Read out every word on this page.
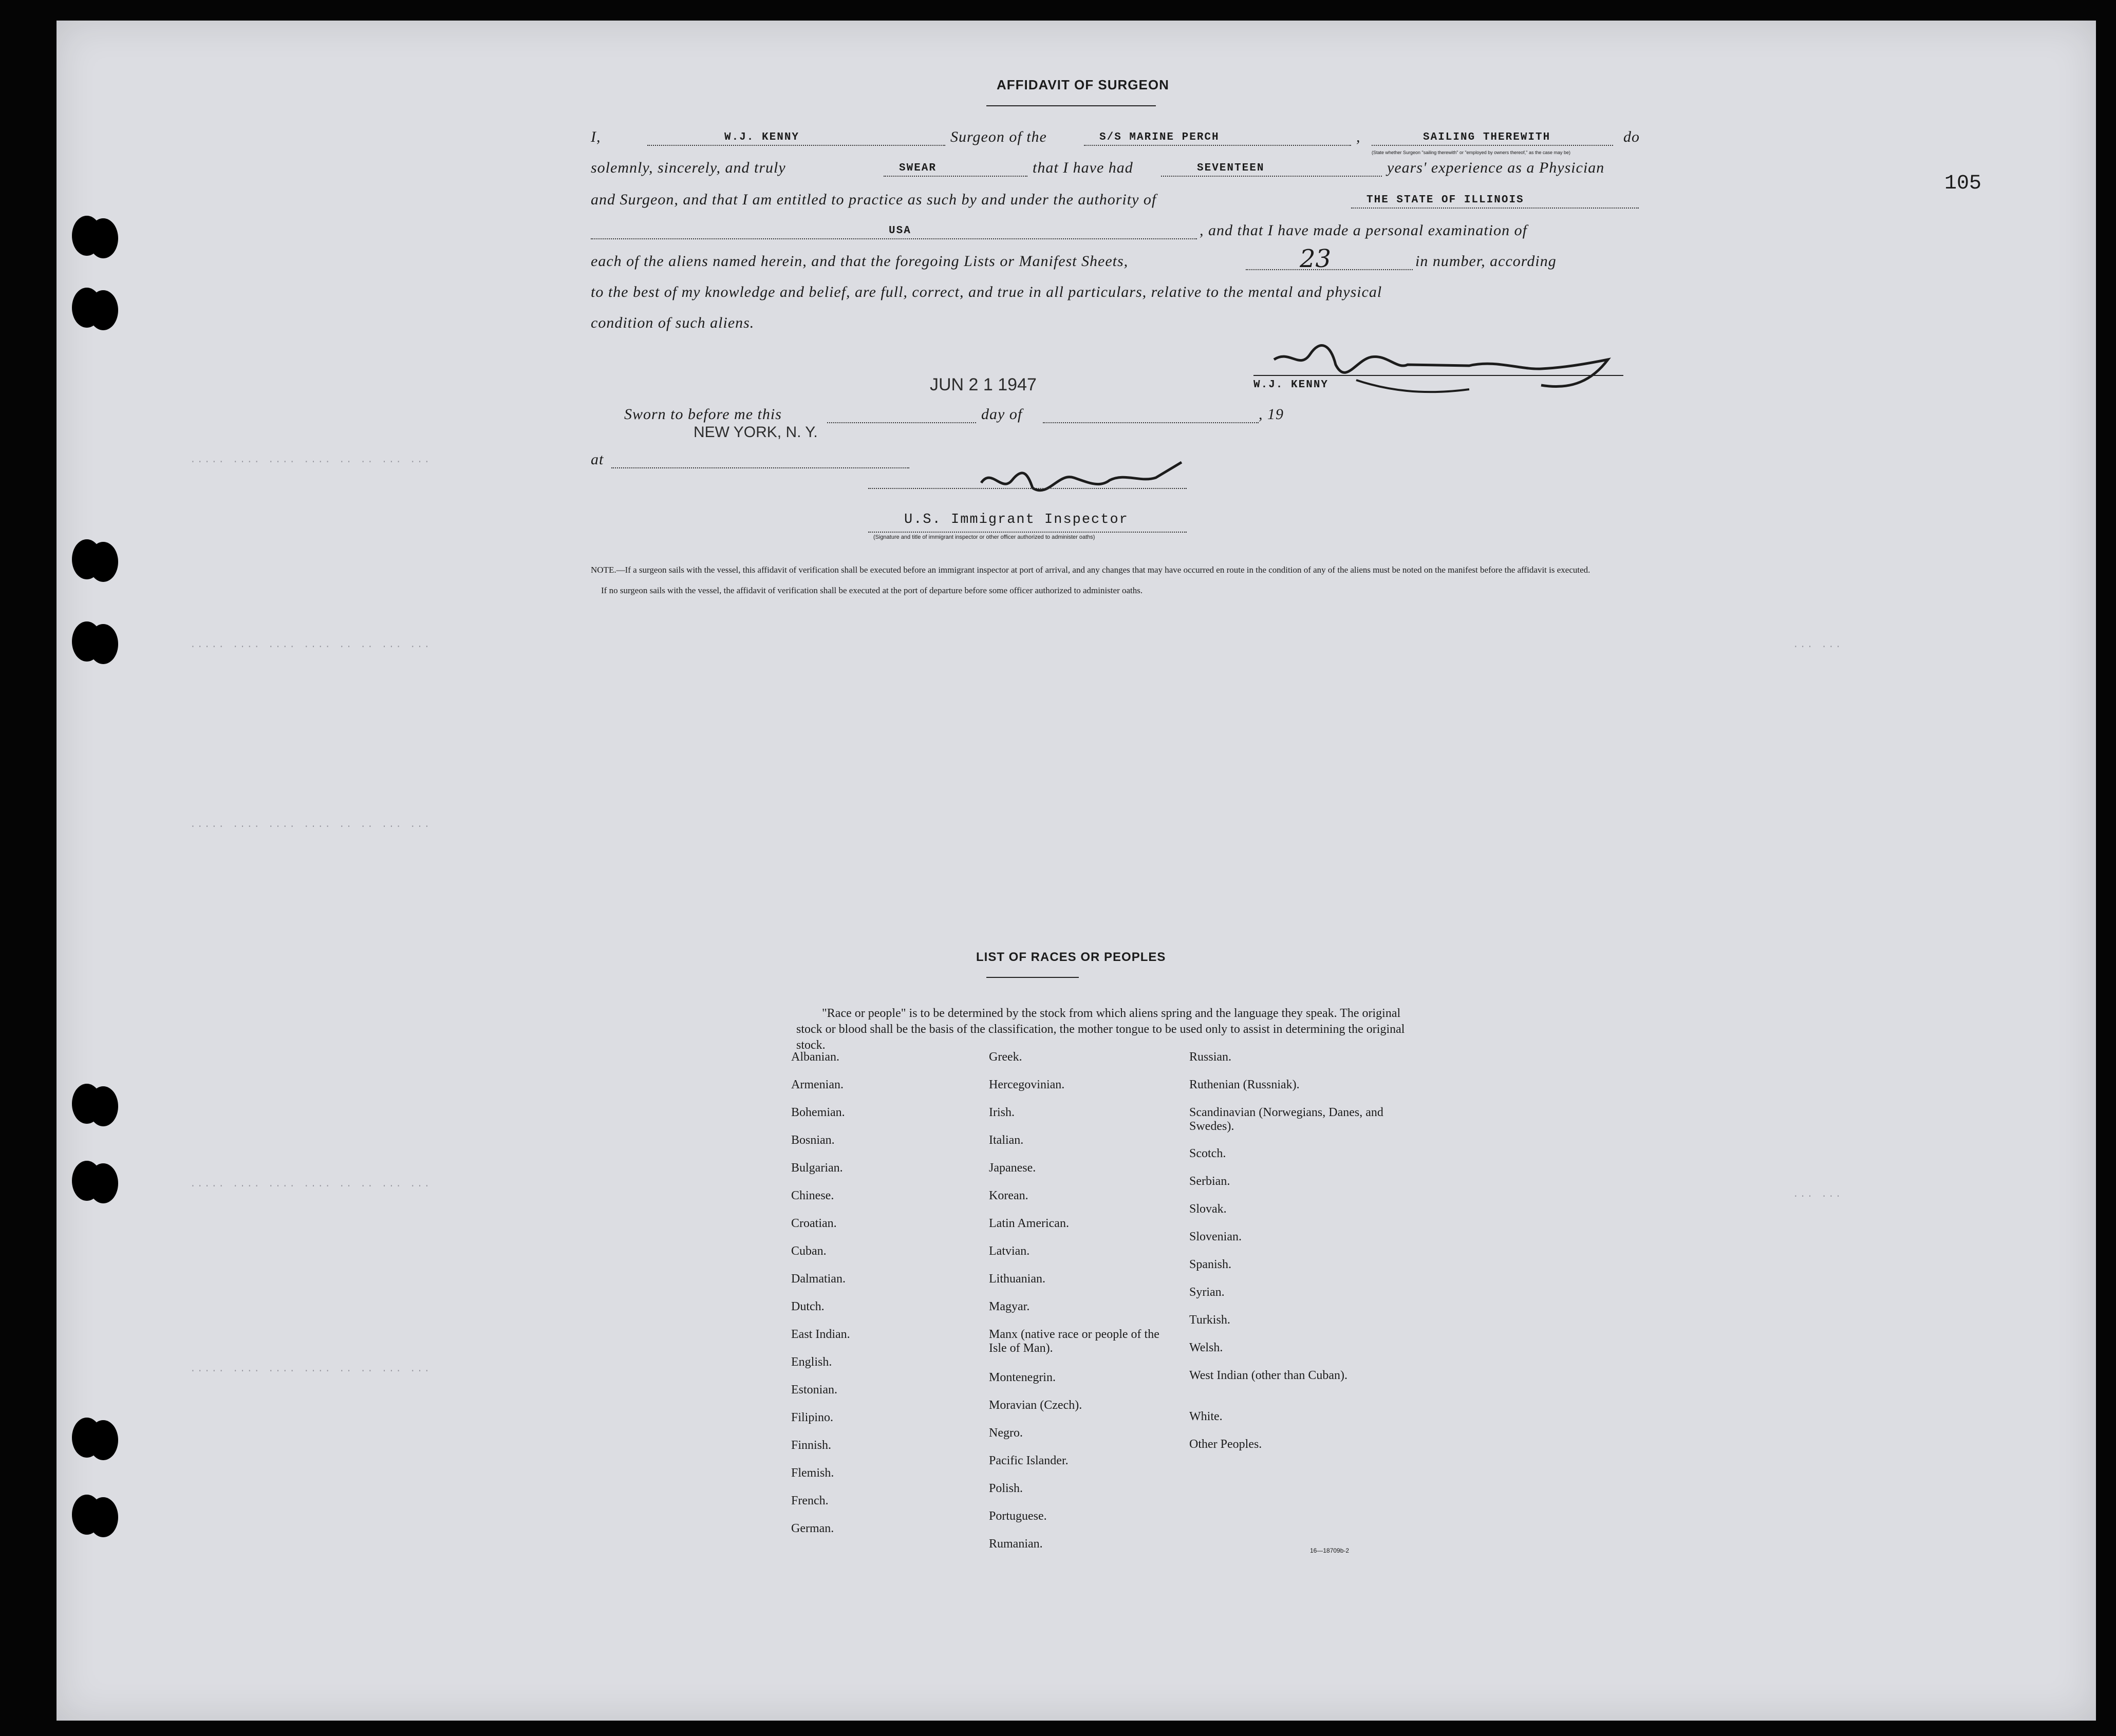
····· ···· ···· ···· ·· ·· ··· ···
····· ···· ···· ···· ·· ·· ··· ···
····· ···· ···· ···· ·· ·· ··· ···
····· ···· ···· ···· ·· ·· ··· ···
····· ···· ···· ···· ·· ·· ··· ···
··· ···
··· ···
105
AFFIDAVIT OF SURGEON
I,	W.J. KENNY	Surgeon of the	S/S MARINE PERCH	,	SAILING THEREWITH	do
(State whether Surgeon "sailing therewith" or "employed by owners thereof," as the case may be)
solemnly, sincerely, and truly	SWEAR	that I have had	SEVENTEEN	years' experience as a Physician
and Surgeon, and that I am entitled to practice as such by and under the authority of	THE STATE OF ILLINOIS
USA	, and that I have made a personal examination of
each of the aliens named herein, and that the foregoing Lists or Manifest Sheets,	23	in number, according
to the best of my knowledge and belief, are full, correct, and true in all particulars, relative to the mental and physical
condition of such aliens.
W.J. KENNY
JUN 2 1 1947
Sworn to before me this	day of	, 19
NEW YORK, N. Y.
at
U.S. Immigrant Inspector
(Signature and title of immigrant inspector or other officer authorized to administer oaths)
NOTE.—If a surgeon sails with the vessel, this affidavit of verification shall be executed before an immigrant inspector at port of arrival, and any changes that may have occurred en route in the condition of any of the aliens must be noted on the manifest before the affidavit is executed.
If no surgeon sails with the vessel, the affidavit of verification shall be executed at the port of departure before some officer authorized to administer oaths.
LIST OF RACES OR PEOPLES
"Race or people" is to be determined by the stock from which aliens spring and the language they speak. The original stock or blood shall be the basis of the classification, the mother tongue to be used only to assist in determining the original stock.
Albanian.
Armenian.
Bohemian.
Bosnian.
Bulgarian.
Chinese.
Croatian.
Cuban.
Dalmatian.
Dutch.
East Indian.
English.
Estonian.
Filipino.
Finnish.
Flemish.
French.
German.
Greek.
Hercegovinian.
Irish.
Italian.
Japanese.
Korean.
Latin American.
Latvian.
Lithuanian.
Magyar.
Manx (native race or people of the Isle of Man).
Montenegrin.
Moravian (Czech).
Negro.
Pacific Islander.
Polish.
Portuguese.
Rumanian.
Russian.
Ruthenian (Russniak).
Scandinavian (Norwegians, Danes, and Swedes).
Scotch.
Serbian.
Slovak.
Slovenian.
Spanish.
Syrian.
Turkish.
Welsh.
West Indian (other than Cuban).
White.
Other Peoples.
16—18709b-2
